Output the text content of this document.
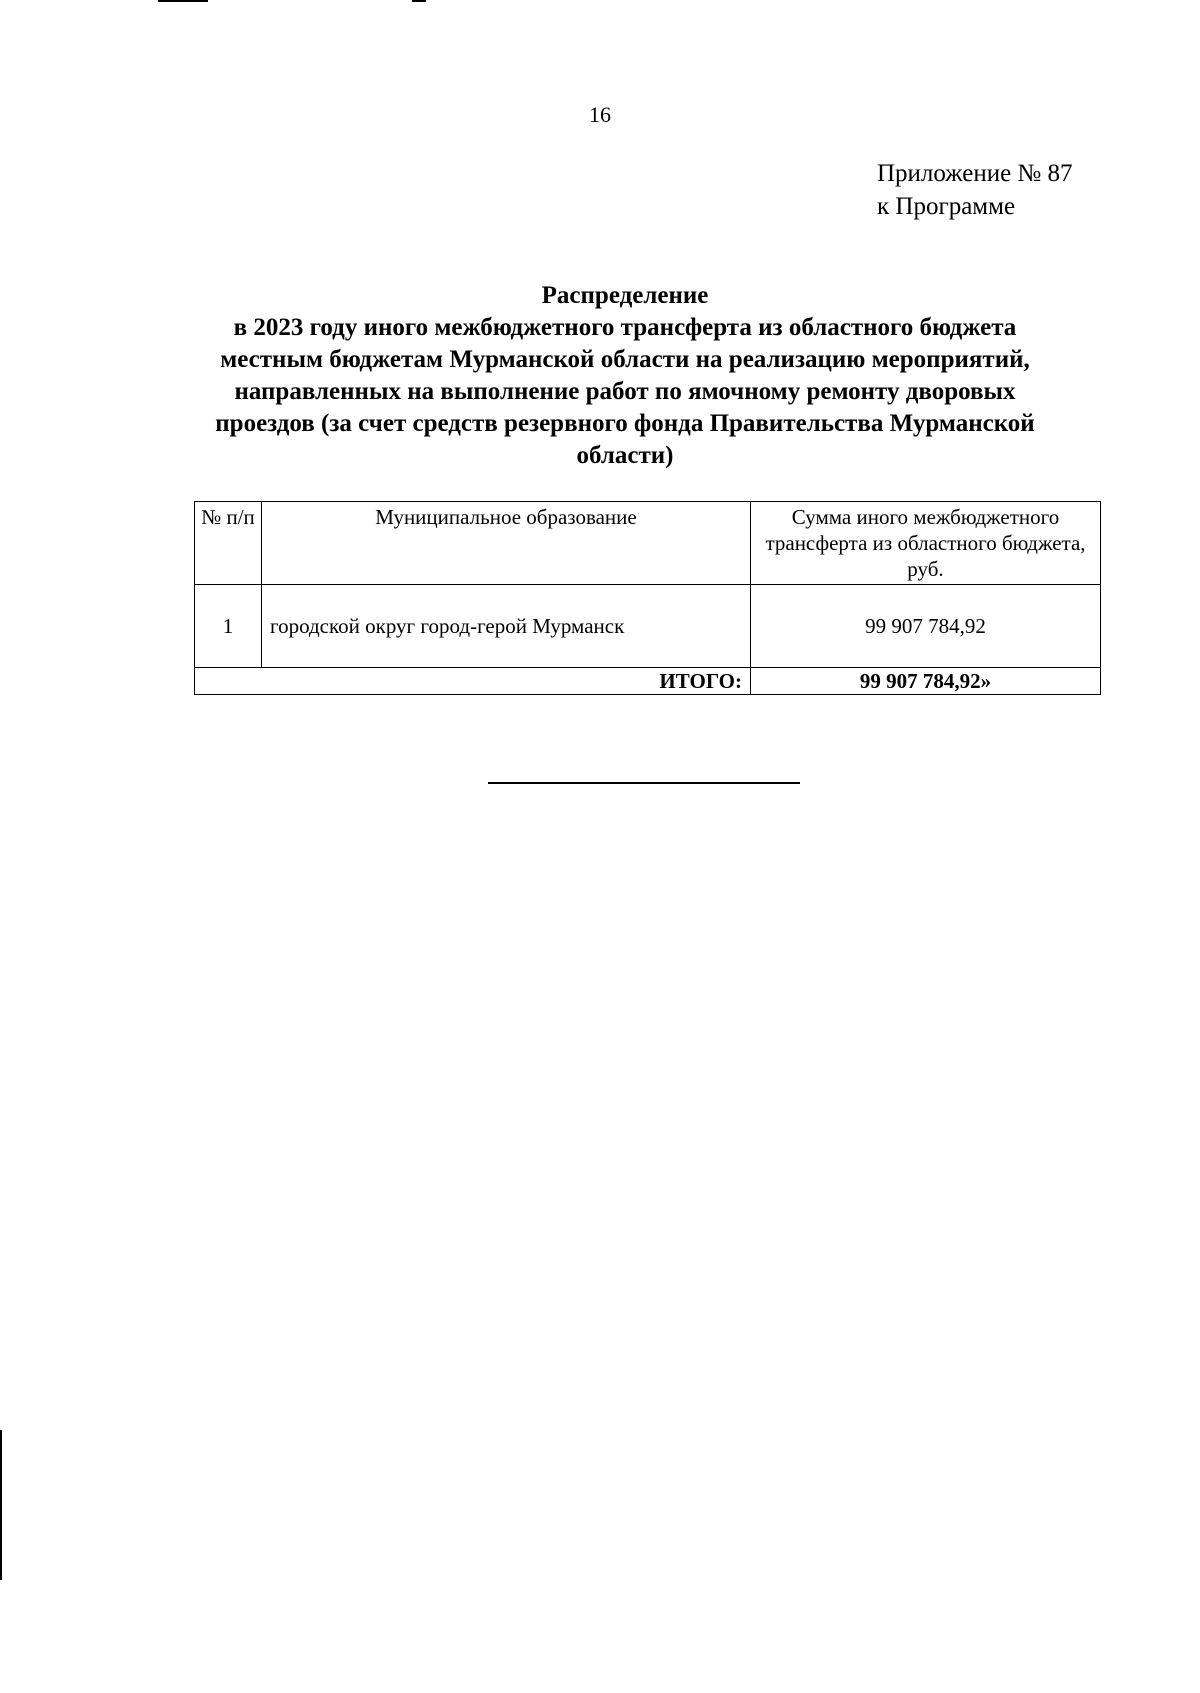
16
Приложение № 87
к Программе
Распределение
в 2023 году иного межбюджетного трансферта из областного бюджета
местным бюджетам Мурманской области на реализацию мероприятий,
направленных на выполнение работ по ямочному ремонту дворовых
проездов (за счет средств резервного фонда Правительства Мурманской
области)
№ п/п	Муниципальное образование	Сумма иного межбюджетного трансферта из областного бюджета, руб.
1	городской округ город-герой Мурманск	99 907 784,92
ИТОГО:		99 907 784,92»
